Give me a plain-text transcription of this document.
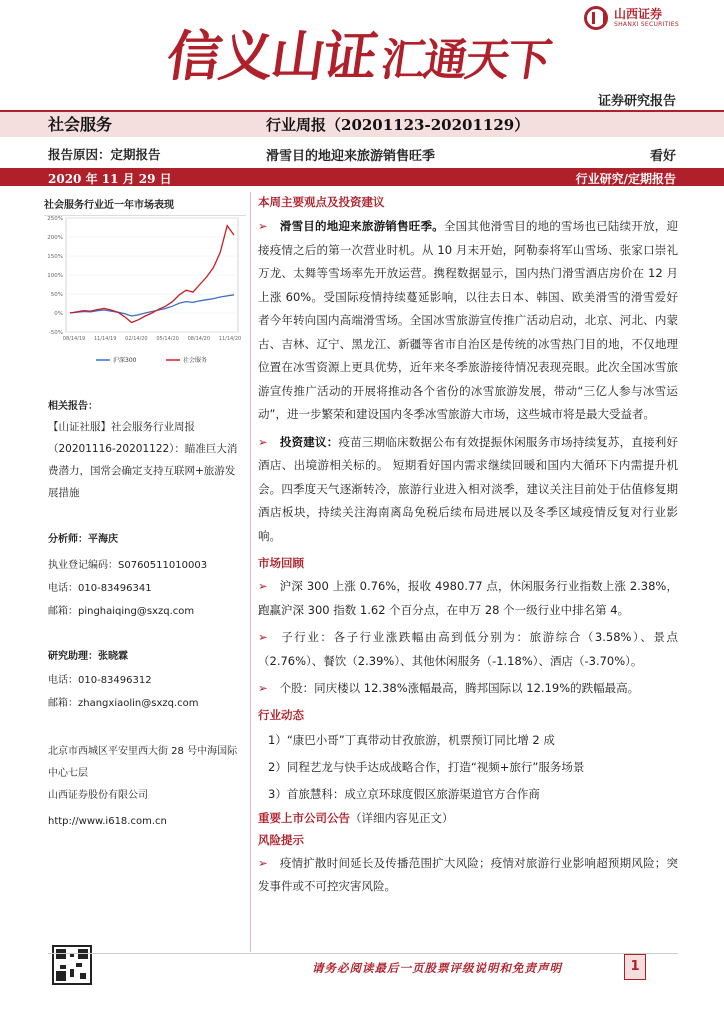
信义山证汇通天下
山西证券
SHANXI SECURITIES
证券研究报告
社会服务	行业周报（20201123-20201129）
报告原因：定期报告	滑雪目的地迎来旅游销售旺季	看好
2020 年 11 月 29 日	行业研究/定期报告
社会服务行业近一年市场表现
250%
200%
150%
100%
50%
0%
-50%
08/14/19 11/14/19 02/14/20 05/14/20 08/14/20 11/14/20
沪深300	社会服务
相关报告：
【山证社服】社会服务行业周报（20201116-20201122）：瞄准巨大消费潜力，国常会确定支持互联网+旅游发展措施
分析师：平海庆
执业登记编码：S0760511010003
电话：010-83496341
邮箱：pinghaiqing@sxzq.com
研究助理：张晓霖
电话：010-83496312
邮箱：zhangxiaolin@sxzq.com
北京市西城区平安里西大街 28 号中海国际中心七层
山西证券股份有限公司
http://www.i618.com.cn
本周主要观点及投资建议
➢ 滑雪目的地迎来旅游销售旺季。全国其他滑雪目的地的雪场也已陆续开放，迎接疫情之后的第一次营业时机。从 10 月末开始，阿勒泰将军山雪场、张家口崇礼万龙、太舞等雪场率先开放运营。携程数据显示，国内热门滑雪酒店房价在 12 月上涨 60%。受国际疫情持续蔓延影响，以往去日本、韩国、欧美滑雪的滑雪爱好者今年转向国内高端滑雪场。全国冰雪旅游宣传推广活动启动，北京、河北、内蒙古、吉林、辽宁、黑龙江、新疆等省市自治区是传统的冰雪热门目的地，不仅地理位置在冰雪资源上更具优势，近年来冬季旅游接待情况表现亮眼。此次全国冰雪旅游宣传推广活动的开展将推动各个省份的冰雪旅游发展，带动“三亿人参与冰雪运动”，进一步繁荣和建设国内冬季冰雪旅游大市场，这些城市将是最大受益者。
➢ 投资建议：疫苗三期临床数据公布有效提振休闲服务市场持续复苏，直接利好酒店、出境游相关标的。 短期看好国内需求继续回暖和国内大循环下内需提升机会。四季度天气逐渐转冷，旅游行业进入相对淡季，建议关注目前处于估值修复期酒店板块，持续关注海南离岛免税后续布局进展以及冬季区域疫情反复对行业影响。
市场回顾
➢ 沪深 300 上涨 0.76%，报收 4980.77 点，休闲服务行业指数上涨 2.38%，跑赢沪深 300 指数 1.62 个百分点，在申万 28 个一级行业中排名第 4。
➢ 子行业：各子行业涨跌幅由高到低分别为：旅游综合（3.58%）、景点（2.76%）、餐饮（2.39%）、其他休闲服务（-1.18%）、酒店（-3.70%）。
➢ 个股：同庆楼以 12.38%涨幅最高，腾邦国际以 12.19%的跌幅最高。
行业动态
1）“康巴小哥”丁真带动甘孜旅游，机票预订同比增 2 成
2）同程艺龙与快手达成战略合作，打造“视频+旅行”服务场景
3）首旅慧科：成立京环球度假区旅游渠道官方合作商
重要上市公司公告（详细内容见正文）
风险提示
➢ 疫情扩散时间延长及传播范围扩大风险；疫情对旅游行业影响超预期风险；突发事件或不可控灾害风险。
请务必阅读最后一页股票评级说明和免责声明	1
